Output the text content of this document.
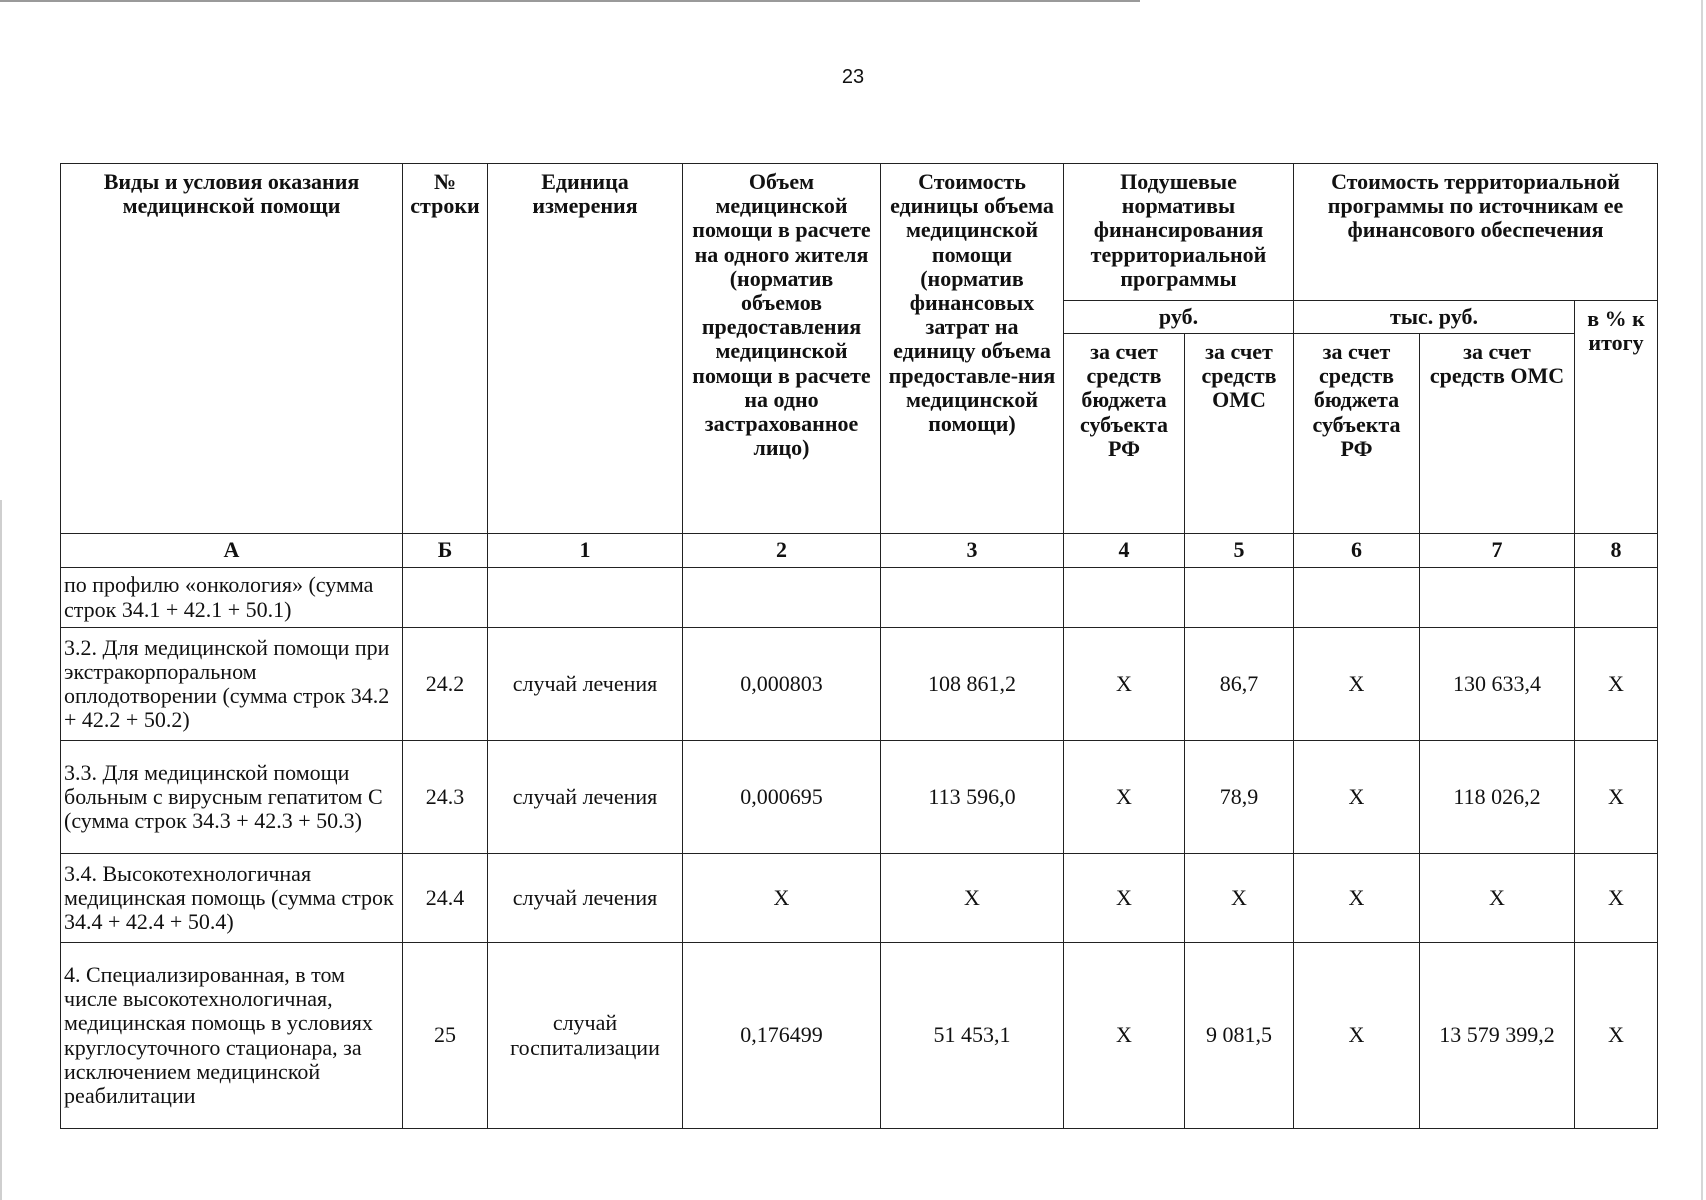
23
Виды и условия оказания медицинской помощи	№ строки	Единица измерения	Объем медицинской помощи в расчете на одного жителя (норматив объемов предоставления медицинской помощи в расчете на одно застрахованное лицо)	Стоимость единицы объема медицинской помощи (норматив финансовых затрат на единицу объема предоставле-ния медицинской помощи)	Подушевые нормативы финансирования территориальной программы		Стоимость территориальной программы по источникам ее финансового обеспечения		
					руб.		тыс. руб.		в % к итогу
					за счет средств бюджета субъекта РФ	за счет средств ОМС	за счет средств бюджета субъекта РФ	за счет средств ОМС	
А	Б	1	2	3	4	5	6	7	8
по профилю «онкология» (сумма строк 34.1 + 42.1 + 50.1)									
3.2. Для медицинской помощи при экстракорпоральном оплодотворении (сумма строк 34.2 + 42.2 + 50.2)	24.2	случай лечения	0,000803	108 861,2	Х	86,7	Х	130 633,4	Х
3.3. Для медицинской помощи больным с вирусным гепатитом С (сумма строк 34.3 + 42.3 + 50.3)	24.3	случай лечения	0,000695	113 596,0	Х	78,9	Х	118 026,2	Х
3.4. Высокотехнологичная медицинская помощь (сумма строк 34.4 + 42.4 + 50.4)	24.4	случай лечения	Х	Х	Х	Х	Х	Х	Х
4. Специализированная, в том числе высокотехнологичная, медицинская помощь в условиях круглосуточного стационара, за исключением медицинской реабилитации	25	случай госпитализации	0,176499	51 453,1	Х	9 081,5	Х	13 579 399,2	Х
